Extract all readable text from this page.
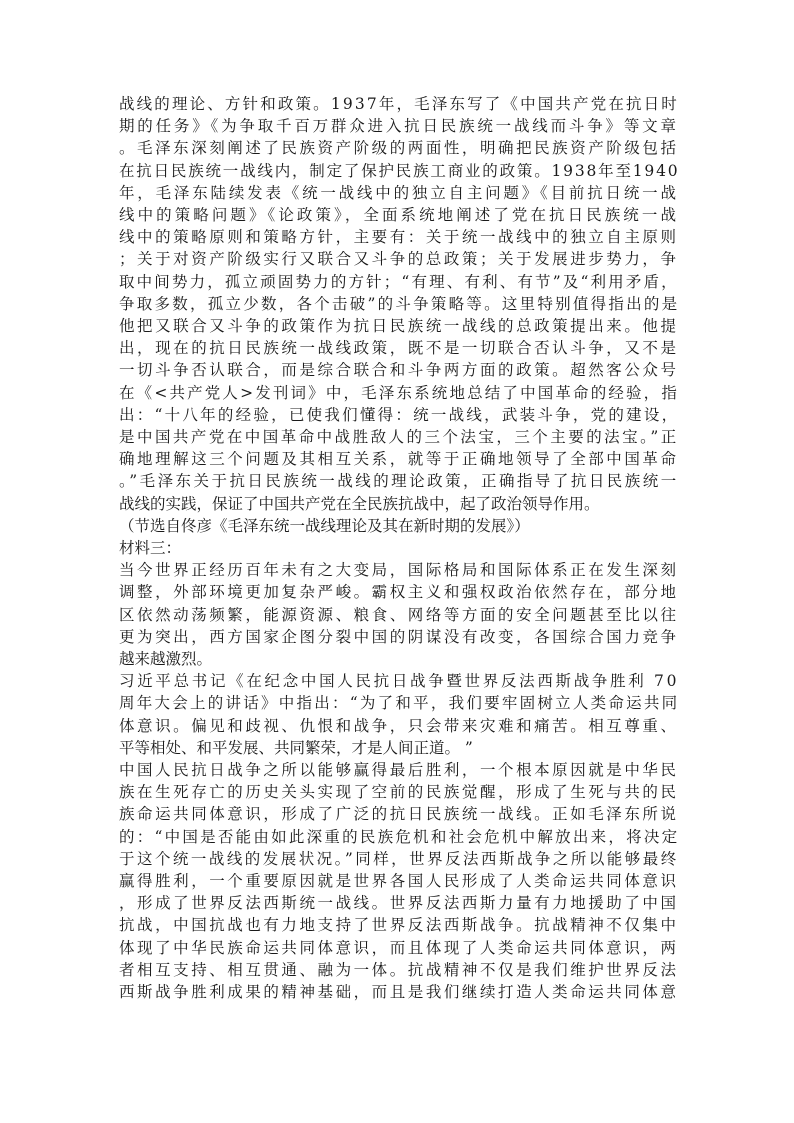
战线的理论、方针和政策。1937年，毛泽东写了《中国共产党在抗日时
期的任务》《为争取千百万群众进入抗日民族统一战线而斗争》等文章
。毛泽东深刻阐述了民族资产阶级的两面性，明确把民族资产阶级包括
在抗日民族统一战线内，制定了保护民族工商业的政策。1938年至1940
年，毛泽东陆续发表《统一战线中的独立自主问题》《目前抗日统一战
线中的策略问题》《论政策》，全面系统地阐述了党在抗日民族统一战
线中的策略原则和策略方针，主要有：关于统一战线中的独立自主原则
；关于对资产阶级实行又联合又斗争的总政策；关于发展进步势力，争
取中间势力，孤立顽固势力的方针；“有理、有利、有节”及“利用矛盾，
争取多数，孤立少数，各个击破”的斗争策略等。这里特别值得指出的是
他把又联合又斗争的政策作为抗日民族统一战线的总政策提出来。他提
出，现在的抗日民族统一战线政策，既不是一切联合否认斗争，又不是
一切斗争否认联合，而是综合联合和斗争两方面的政策。超然客公众号
在《<共产党人>发刊词》中，毛泽东系统地总结了中国革命的经验，指
出：“十八年的经验，已使我们懂得：统一战线，武装斗争，党的建设，
是中国共产党在中国革命中战胜敌人的三个法宝，三个主要的法宝。”正
确地理解这三个问题及其相互关系，就等于正确地领导了全部中国革命
。”毛泽东关于抗日民族统一战线的理论政策，正确指导了抗日民族统一
战线的实践，保证了中国共产党在全民族抗战中，起了政治领导作用。
（节选自佟彦《毛泽东统一战线理论及其在新时期的发展》）
材料三：
当今世界正经历百年未有之大变局，国际格局和国际体系正在发生深刻
调整，外部环境更加复杂严峻。霸权主义和强权政治依然存在，部分地
区依然动荡频繁，能源资源、粮食、网络等方面的安全问题甚至比以往
更为突出，西方国家企图分裂中国的阴谋没有改变，各国综合国力竞争
越来越激烈。
习近平总书记《在纪念中国人民抗日战争暨世界反法西斯战争胜利 70
周年大会上的讲话》中指出：“为了和平，我们要牢固树立人类命运共同
体意识。偏见和歧视、仇恨和战争，只会带来灾难和痛苦。相互尊重、
平等相处、和平发展、共同繁荣，才是人间正道。 ”
中国人民抗日战争之所以能够赢得最后胜利，一个根本原因就是中华民
族在生死存亡的历史关头实现了空前的民族觉醒，形成了生死与共的民
族命运共同体意识，形成了广泛的抗日民族统一战线。正如毛泽东所说
的：“中国是否能由如此深重的民族危机和社会危机中解放出来，将决定
于这个统一战线的发展状况。”同样，世界反法西斯战争之所以能够最终
赢得胜利，一个重要原因就是世界各国人民形成了人类命运共同体意识
，形成了世界反法西斯统一战线。世界反法西斯力量有力地援助了中国
抗战，中国抗战也有力地支持了世界反法西斯战争。抗战精神不仅集中
体现了中华民族命运共同体意识，而且体现了人类命运共同体意识，两
者相互支持、相互贯通、融为一体。抗战精神不仅是我们维护世界反法
西斯战争胜利成果的精神基础，而且是我们继续打造人类命运共同体意
